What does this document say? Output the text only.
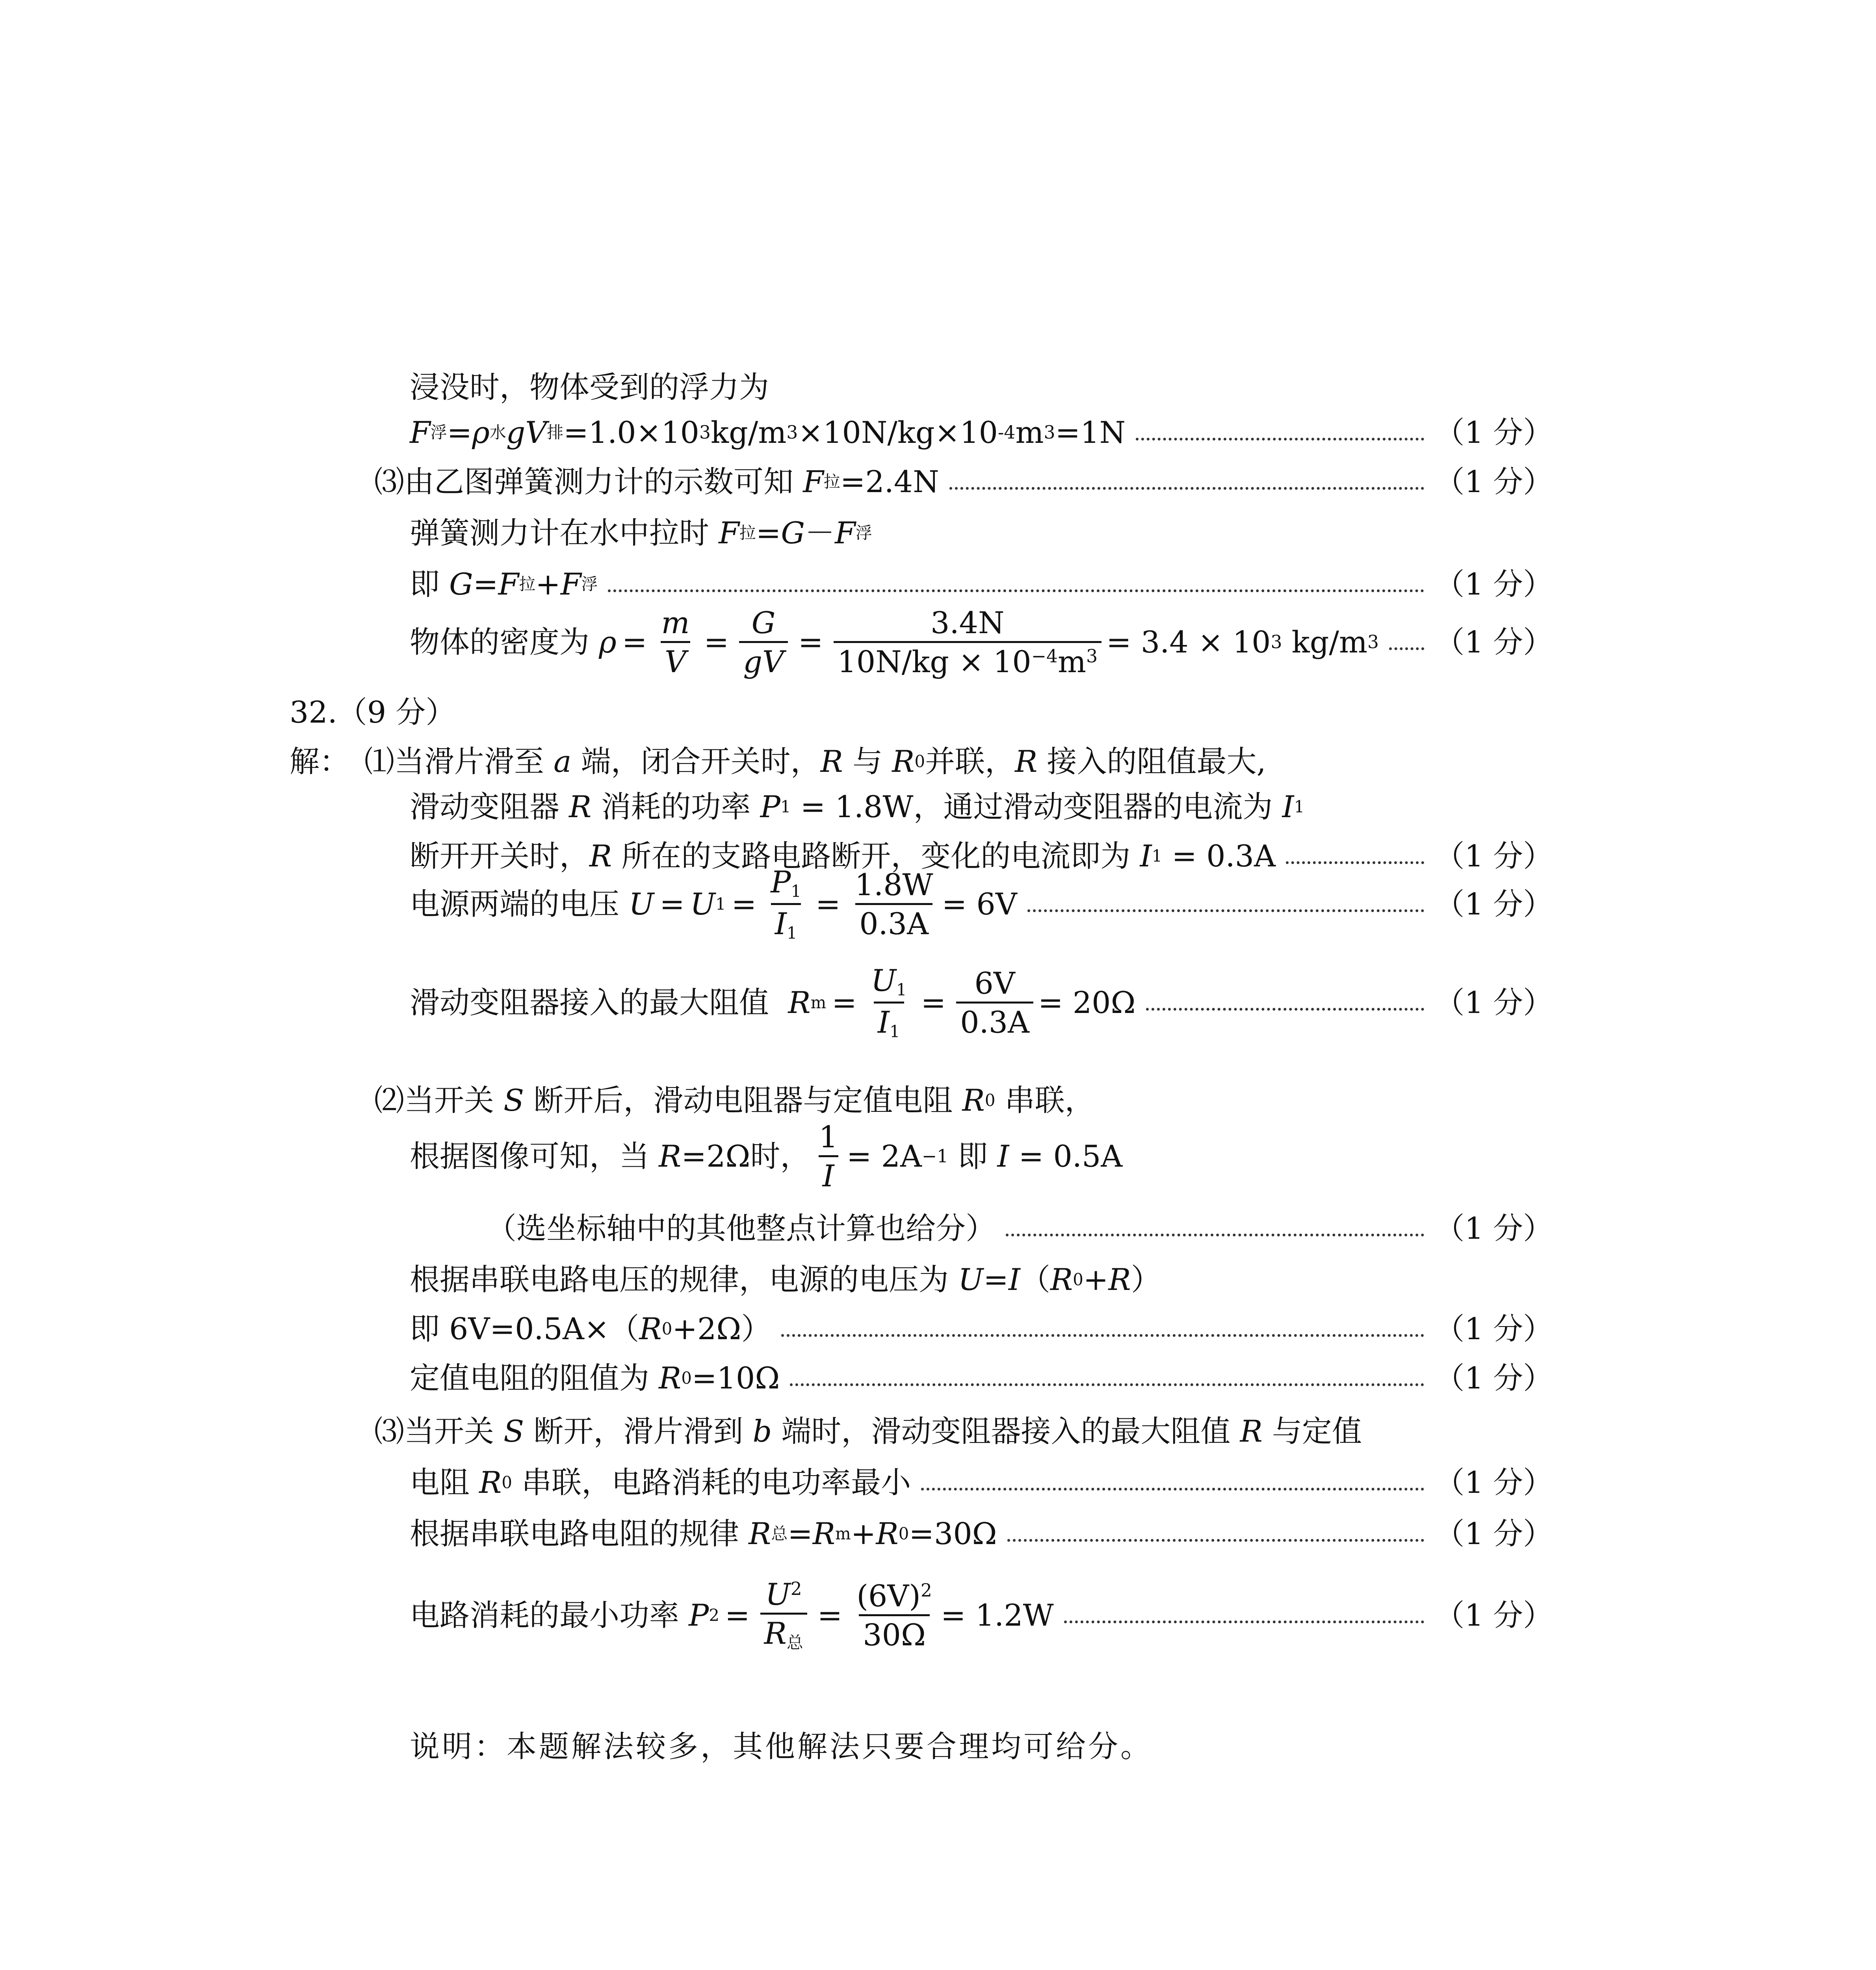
浸没时，物体受到的浮力为
F 浮 = ρ 水 gV 排 =1.0×10 3 kg/m 3 ×10N/kg×10 -4 m 3 =1N	（1 分）
⑶ 由乙图弹簧测力计的示数可知
F 拉 =2.4N	（1 分）
弹簧测力计在水中拉时
F 拉 = G － F 浮
即
G = F 拉 + F 浮	（1 分）
物体的密度为
$\rho = \frac{m}{V} = \frac{G}{gV} = \frac{3.4N}{10N/kg \times 10^{-4}m^3} = 3.4 \times 10$ 3
kg/m 3 （1 分）
32.（9 分）
解： ⑴ 当滑片滑至
a
端，闭合开关时， R
与
R 0 并联， R
接入的阻值最大,
滑动变阻器
R
消耗的功率
P 1
= 1.8W ，通过滑动变阻器的电流为
I 1
断开开关时， R
所在的支路电路断开，变化的电流即为
I 1
= 0.3A	（1 分）
电源两端的电压
U = U $1 = \frac{P_1}{I_1} = \frac{1.8W}{0.3A} = 6V$	（1 分）
滑动变阻器接入的最大阻值
R $m = \frac{U_1}{I_1} = \frac{6V}{0.3A} = 20\Omega$	（1 分）
⑵ 当开关
S
断开后，滑动电阻器与定值电阻
R 0
串联，
根据图像可知，当
R =2Ω时， $\frac{1}{I} = 2A -1$
即
I
= 0.5A
（选坐标轴中的其他整点计算也给分）	（1 分）
根据串联电路电压的规律，电源的电压为
U = I （ R 0 + R ）
即 6V=0.5A×（ R 0 +2Ω）	（1 分）
定值电阻的阻值为
R 0 =10Ω	（1 分）
⑶ 当开关
S
断开，滑片滑到
b
端时，滑动变阻器接入的最大阻值
R
与定值
电阻
R 0
串联，电路消耗的电功率最小	（1 分）
根据串联电路电阻的规律
R 总 = R m + R 0 =30Ω	（1 分）
电路消耗的最小功率
P $2 = \frac{U^2}{R_总} = \frac{(6V)^2}{30\Omega} = 1.2W$	（1 分）
说明：本题解法较多，其他解法只要合理均可给分。
